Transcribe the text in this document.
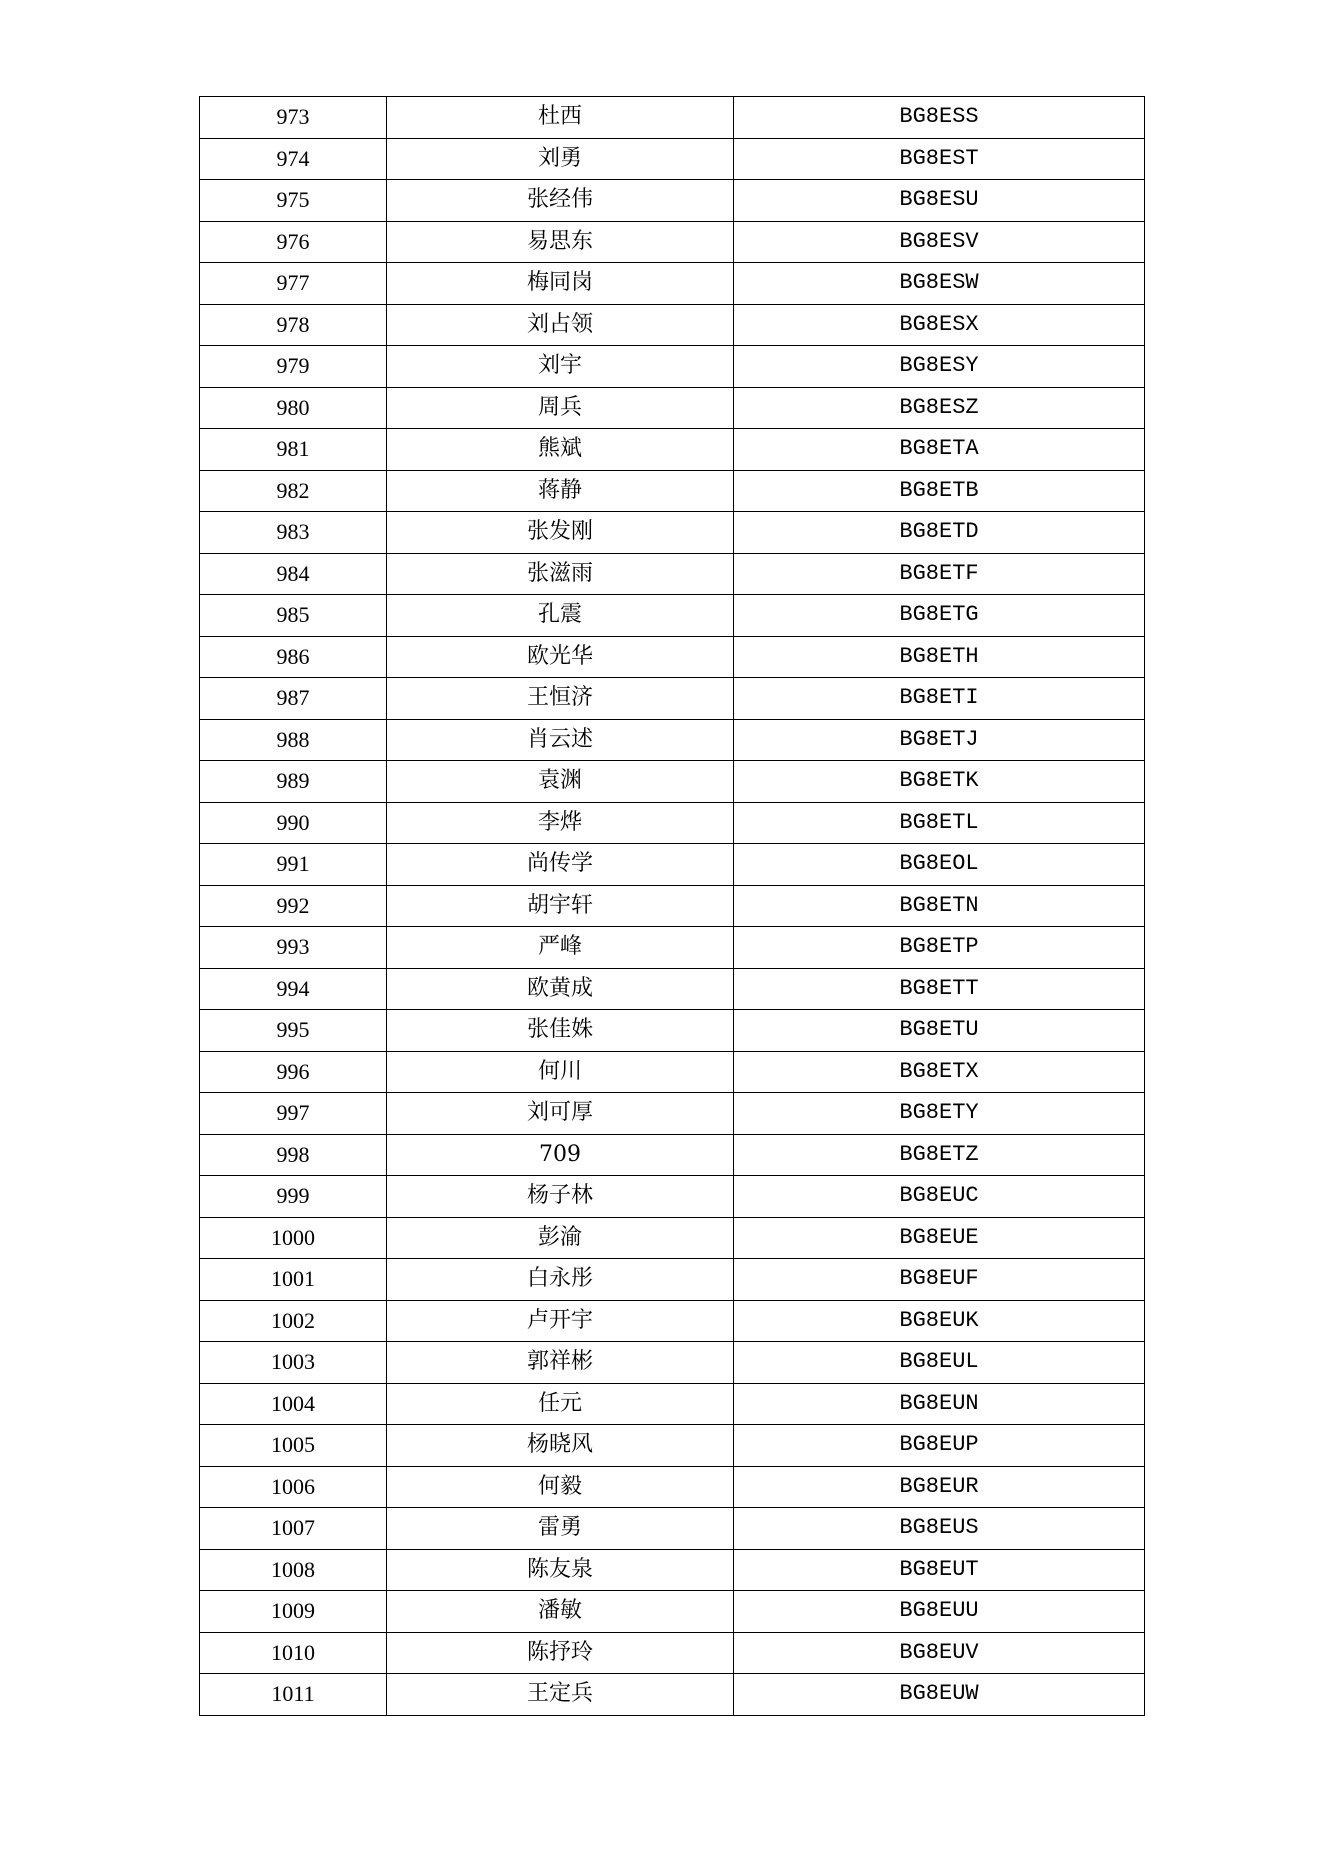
973	杜西	BG8ESS
974	刘勇	BG8EST
975	张经伟	BG8ESU
976	易思东	BG8ESV
977	梅同岗	BG8ESW
978	刘占领	BG8ESX
979	刘宇	BG8ESY
980	周兵	BG8ESZ
981	熊斌	BG8ETA
982	蒋静	BG8ETB
983	张发刚	BG8ETD
984	张滋雨	BG8ETF
985	孔震	BG8ETG
986	欧光华	BG8ETH
987	王恒济	BG8ETI
988	肖云述	BG8ETJ
989	袁渊	BG8ETK
990	李烨	BG8ETL
991	尚传学	BG8EOL
992	胡宇轩	BG8ETN
993	严峰	BG8ETP
994	欧黄成	BG8ETT
995	张佳姝	BG8ETU
996	何川	BG8ETX
997	刘可厚	BG8ETY
998	709	BG8ETZ
999	杨子林	BG8EUC
1000	彭渝	BG8EUE
1001	白永彤	BG8EUF
1002	卢开宇	BG8EUK
1003	郭祥彬	BG8EUL
1004	任元	BG8EUN
1005	杨晓风	BG8EUP
1006	何毅	BG8EUR
1007	雷勇	BG8EUS
1008	陈友泉	BG8EUT
1009	潘敏	BG8EUU
1010	陈抒玲	BG8EUV
1011	王定兵	BG8EUW
